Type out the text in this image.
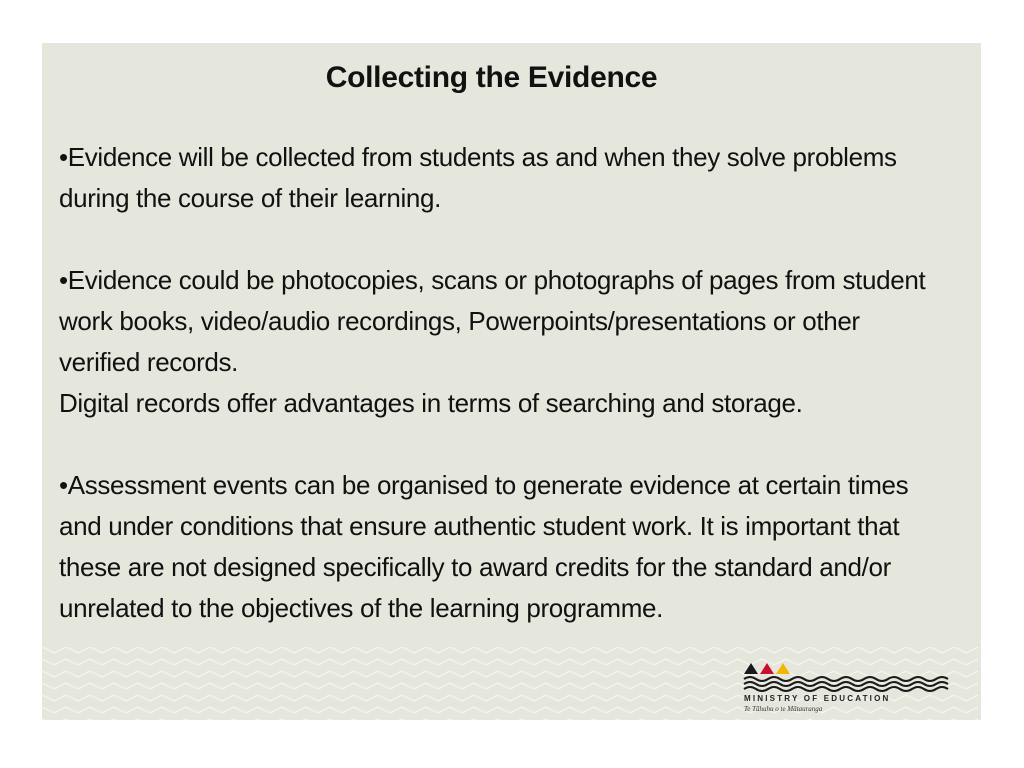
Collecting the Evidence

•Evidence will be collected from students as and when they solve problems during the course of their learning.

•Evidence could be photocopies, scans or photographs of pages from student work books, video/audio recordings, Powerpoints/presentations or other verified records.

Digital records offer advantages in terms of searching and storage.

•Assessment events can be organised to generate evidence at certain times and under conditions that ensure authentic student work. It is important that these are not designed specifically to award credits for the standard and/or unrelated to the objectives of the learning programme.

MINISTRY OF EDUCATION
Te Tāhuhu o te Mātauranga
